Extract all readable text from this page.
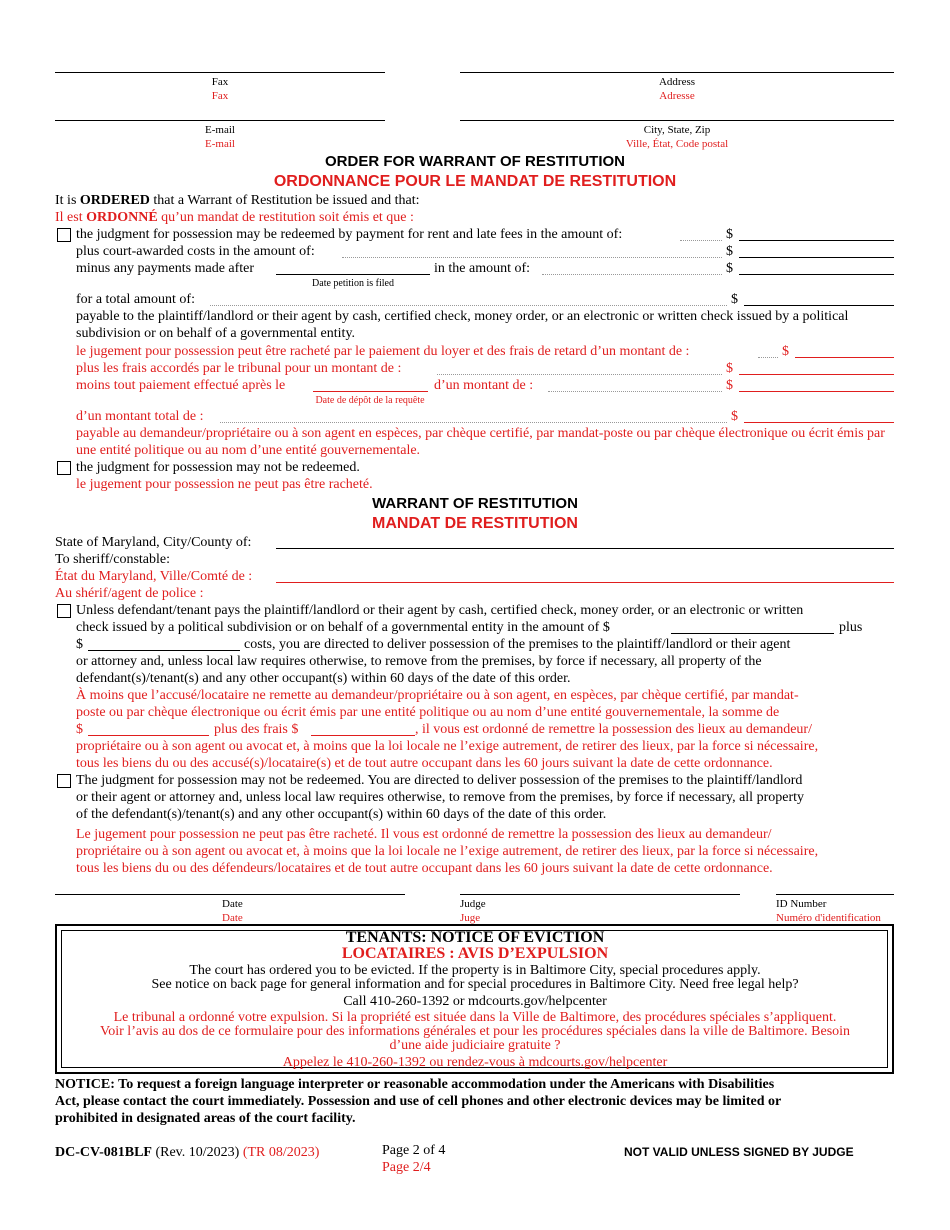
Fax
Fax
Address
Adresse
E-mail
E-mail
City, State, Zip
Ville, État, Code postal
ORDER FOR WARRANT OF RESTITUTION
ORDONNANCE POUR LE MANDAT DE RESTITUTION
It is ORDERED that a Warrant of Restitution be issued and that:
Il est ORDONNÉ qu’un mandat de restitution soit émis et que :
the judgment for possession may be redeemed by payment for rent and late fees in the amount of:	$
plus court-awarded costs in the amount of:	$
minus any payments made after	in the amount of:	$
Date petition is filed
for a total amount of:	$
payable to the plaintiff/landlord or their agent by cash, certified check, money order, or an electronic or written check issued by a political subdivision or on behalf of a governmental entity.
le jugement pour possession peut être racheté par le paiement du loyer et des frais de retard d’un montant de :	$
plus les frais accordés par le tribunal pour un montant de :	$
moins tout paiement effectué après le	d’un montant de :	$
Date de dépôt de la requête
d’un montant total de :	$
payable au demandeur/propriétaire ou à son agent en espèces, par chèque certifié, par mandat-poste ou par chèque électronique ou écrit émis par une entité politique ou au nom d’une entité gouvernementale.
the judgment for possession may not be redeemed.
le jugement pour possession ne peut pas être racheté.
WARRANT OF RESTITUTION
MANDAT DE RESTITUTION
State of Maryland, City/County of:
To sheriff/constable:
État du Maryland, Ville/Comté de :
Au shérif/agent de police :
Unless defendant/tenant pays the plaintiff/landlord or their agent by cash, certified check, money order, or an electronic or written
check issued by a political subdivision or on behalf of a governmental entity in the amount of $	plus
$	costs, you are directed to deliver possession of the premises to the plaintiff/landlord or their agent
or attorney and, unless local law requires otherwise, to remove from the premises, by force if necessary, all property of the
defendant(s)/tenant(s) and any other occupant(s) within 60 days of the date of this order.
À moins que l’accusé/locataire ne remette au demandeur/propriétaire ou à son agent, en espèces, par chèque certifié, par mandat-
poste ou par chèque électronique ou écrit émis par une entité politique ou au nom d’une entité gouvernementale, la somme de
$	plus des frais $	, il vous est ordonné de remettre la possession des lieux au demandeur/
propriétaire ou à son agent ou avocat et, à moins que la loi locale ne l’exige autrement, de retirer des lieux, par la force si nécessaire,
tous les biens du ou des accusé(s)/locataire(s) et de tout autre occupant dans les 60 jours suivant la date de cette ordonnance.
The judgment for possession may not be redeemed. You are directed to deliver possession of the premises to the plaintiff/landlord
or their agent or attorney and, unless local law requires otherwise, to remove from the premises, by force if necessary, all property
of the defendant(s)/tenant(s) and any other occupant(s) within 60 days of the date of this order.
Le jugement pour possession ne peut pas être racheté. Il vous est ordonné de remettre la possession des lieux au demandeur/
propriétaire ou à son agent ou avocat et, à moins que la loi locale ne l’exige autrement, de retirer des lieux, par la force si nécessaire,
tous les biens du ou des défendeurs/locataires et de tout autre occupant dans les 60 jours suivant la date de cette ordonnance.
Date
Date
Judge
Juge
ID Number
Numéro d'identification
TENANTS: NOTICE OF EVICTION
LOCATAIRES : AVIS D’EXPULSION
The court has ordered you to be evicted. If the property is in Baltimore City, special procedures apply.
See notice on back page for general information and for special procedures in Baltimore City. Need free legal help?
Call 410-260-1392 or mdcourts.gov/helpcenter
Le tribunal a ordonné votre expulsion. Si la propriété est située dans la Ville de Baltimore, des procédures spéciales s’appliquent.
Voir l’avis au dos de ce formulaire pour des informations générales et pour les procédures spéciales dans la ville de Baltimore. Besoin
d’une aide judiciaire gratuite ?
Appelez le 410-260-1392 ou rendez-vous à mdcourts.gov/helpcenter
NOTICE: To request a foreign language interpreter or reasonable accommodation under the Americans with Disabilities
Act, please contact the court immediately. Possession and use of cell phones and other electronic devices may be limited or
prohibited in designated areas of the court facility.
DC-CV-081BLF (Rev. 10/2023) (TR 08/2023)	Page 2 of 4
Page 2/4
NOT VALID UNLESS SIGNED BY JUDGE
